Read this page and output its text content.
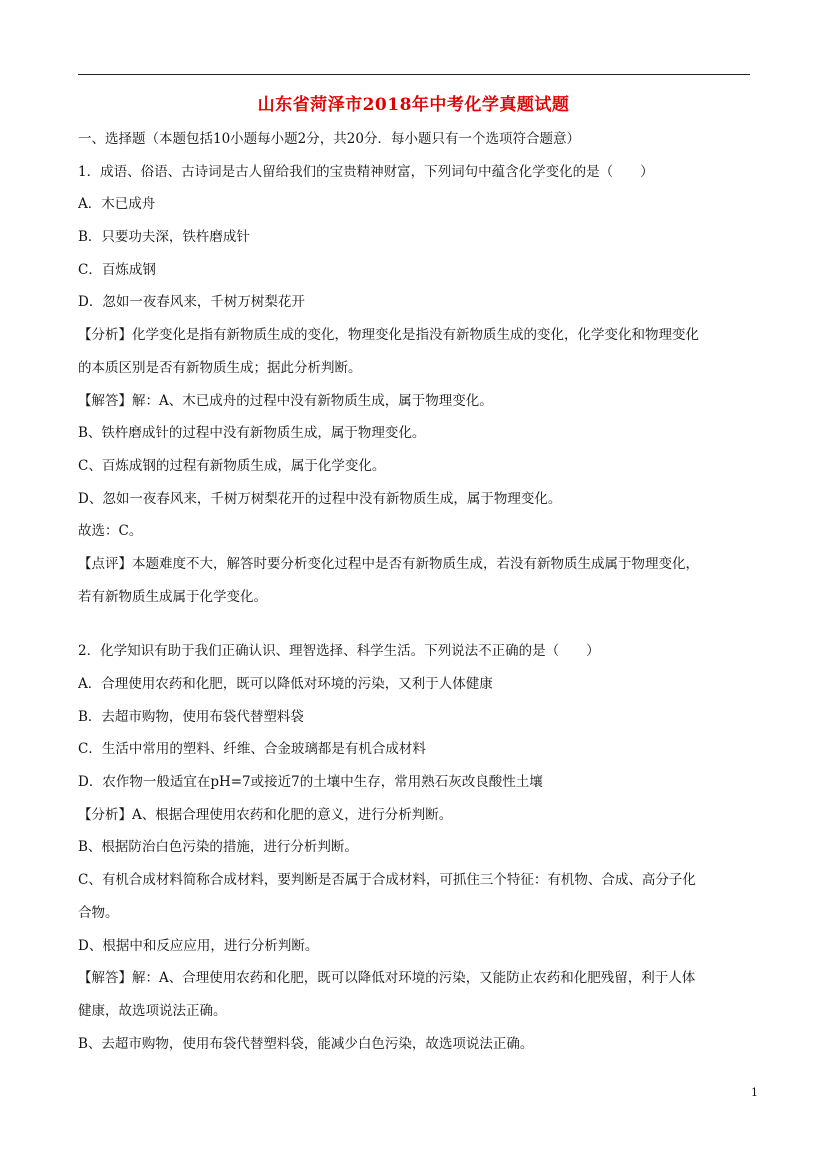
山东省菏泽市2018年中考化学真题试题
一、选择题（本题包括10小题每小题2分，共20分．每小题只有一个选项符合题意）
1．成语、俗语、古诗词是古人留给我们的宝贵精神财富，下列词句中蕴含化学变化的是（　　）
A．木已成舟
B．只要功夫深，铁杵磨成针
C．百炼成钢
D．忽如一夜春风来，千树万树梨花开
【分析】化学变化是指有新物质生成的变化，物理变化是指没有新物质生成的变化，化学变化和物理变化
的本质区别是否有新物质生成；据此分析判断。
【解答】解：A、木已成舟的过程中没有新物质生成，属于物理变化。
B、铁杵磨成针的过程中没有新物质生成，属于物理变化。
C、百炼成钢的过程有新物质生成，属于化学变化。
D、忽如一夜春风来，千树万树梨花开的过程中没有新物质生成，属于物理变化。
故选：C。
【点评】本题难度不大，解答时要分析变化过程中是否有新物质生成，若没有新物质生成属于物理变化，
若有新物质生成属于化学变化。
2．化学知识有助于我们正确认识、理智选择、科学生活。下列说法不正确的是（　　）
A．合理使用农药和化肥，既可以降低对环境的污染，又利于人体健康
B．去超市购物，使用布袋代替塑料袋
C．生活中常用的塑料、纤维、合金玻璃都是有机合成材料
D．农作物一般适宜在pH=7或接近7的土壤中生存，常用熟石灰改良酸性土壤
【分析】A、根据合理使用农药和化肥的意义，进行分析判断。
B、根据防治白色污染的措施，进行分析判断。
C、有机合成材料简称合成材料，要判断是否属于合成材料，可抓住三个特征：有机物、合成、高分子化
合物。
D、根据中和反应应用，进行分析判断。
【解答】解：A、合理使用农药和化肥，既可以降低对环境的污染，又能防止农药和化肥残留，利于人体
健康，故选项说法正确。
B、去超市购物，使用布袋代替塑料袋，能减少白色污染，故选项说法正确。
1
